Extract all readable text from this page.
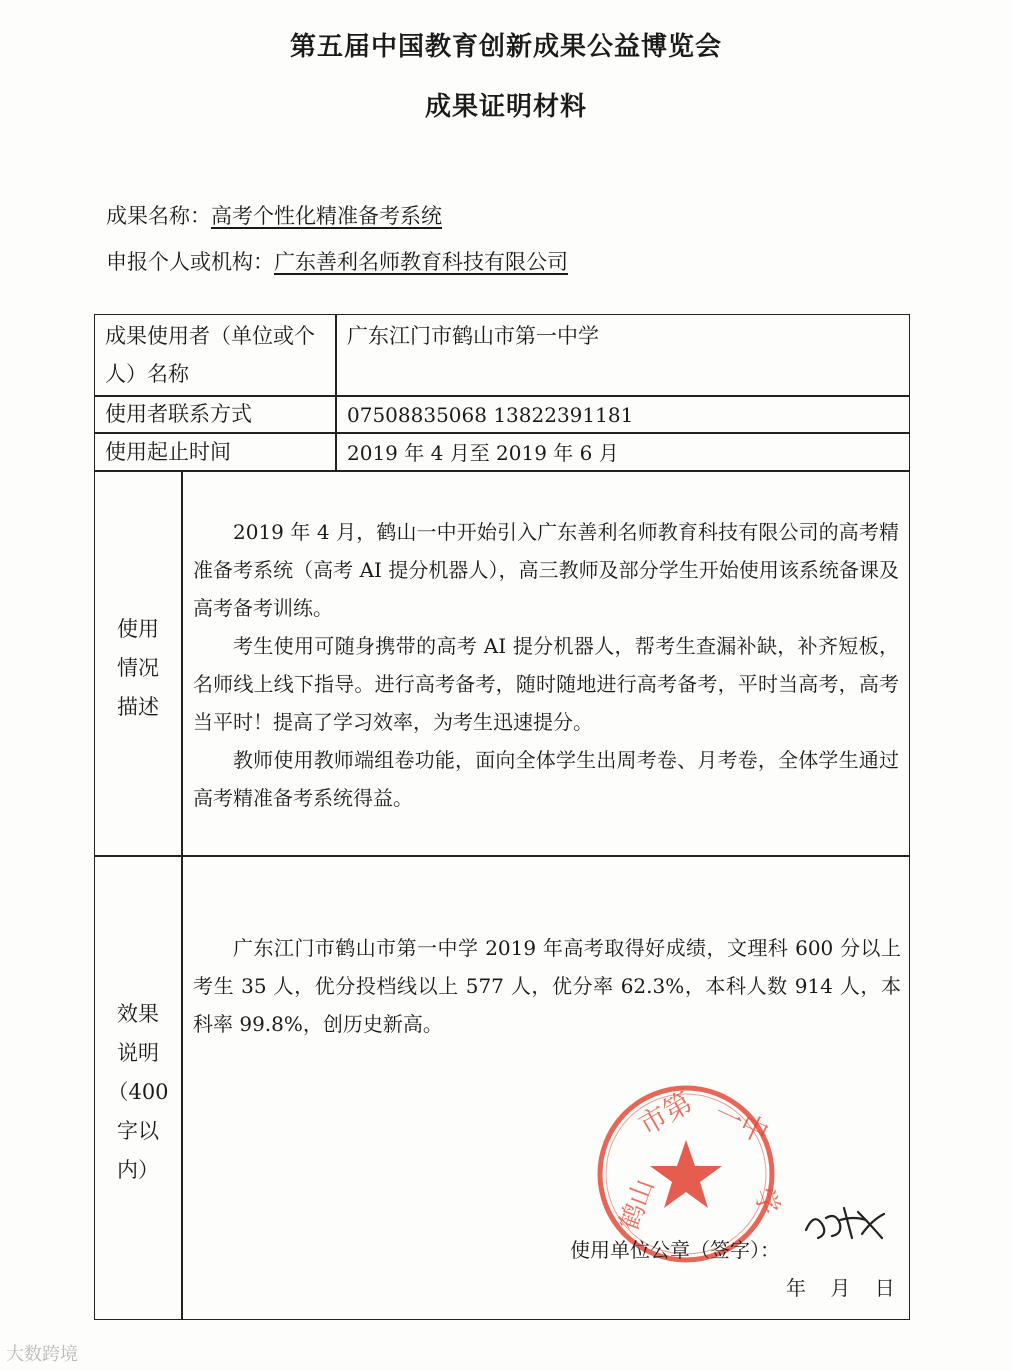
第五届中国教育创新成果公益博览会
成果证明材料
成果名称：高考个性化精准备考系统
申报个人或机构：广东善利名师教育科技有限公司
成果使用者（单位或个
人）名称
广东江门市鹤山市第一中学
使用者联系方式	07508835068 13822391181
使用起止时间	2019 年 4 月至 2019 年 6 月
使用
情况
描述

2019 年 4 月，鹤山一中开始引入广东善利名师教育科技有限公司的高考精准备考系统（高考 AI 提分机器人），高三教师及部分学生开始使用该系统备课及高考备考训练。

考生使用可随身携带的高考 AI 提分机器人，帮考生查漏补缺，补齐短板，名师线上线下指导。进行高考备考，随时随地进行高考备考，平时当高考，高考当平时！提高了学习效率，为考生迅速提分。

教师使用教师端组卷功能，面向全体学生出周考卷、月考卷，全体学生通过高考精准备考系统得益。

效果
说明
（400
字以
内）

广东江门市鹤山市第一中学 2019 年高考取得好成绩，文理科 600 分以上考生 35 人，优分投档线以上 577 人，优分率 62.3%，本科人数 914 人，本科率 99.8%，创历史新高。

鹤山
市第 一中
学
使用单位公章（签字）：
年 月 日
大数跨境
